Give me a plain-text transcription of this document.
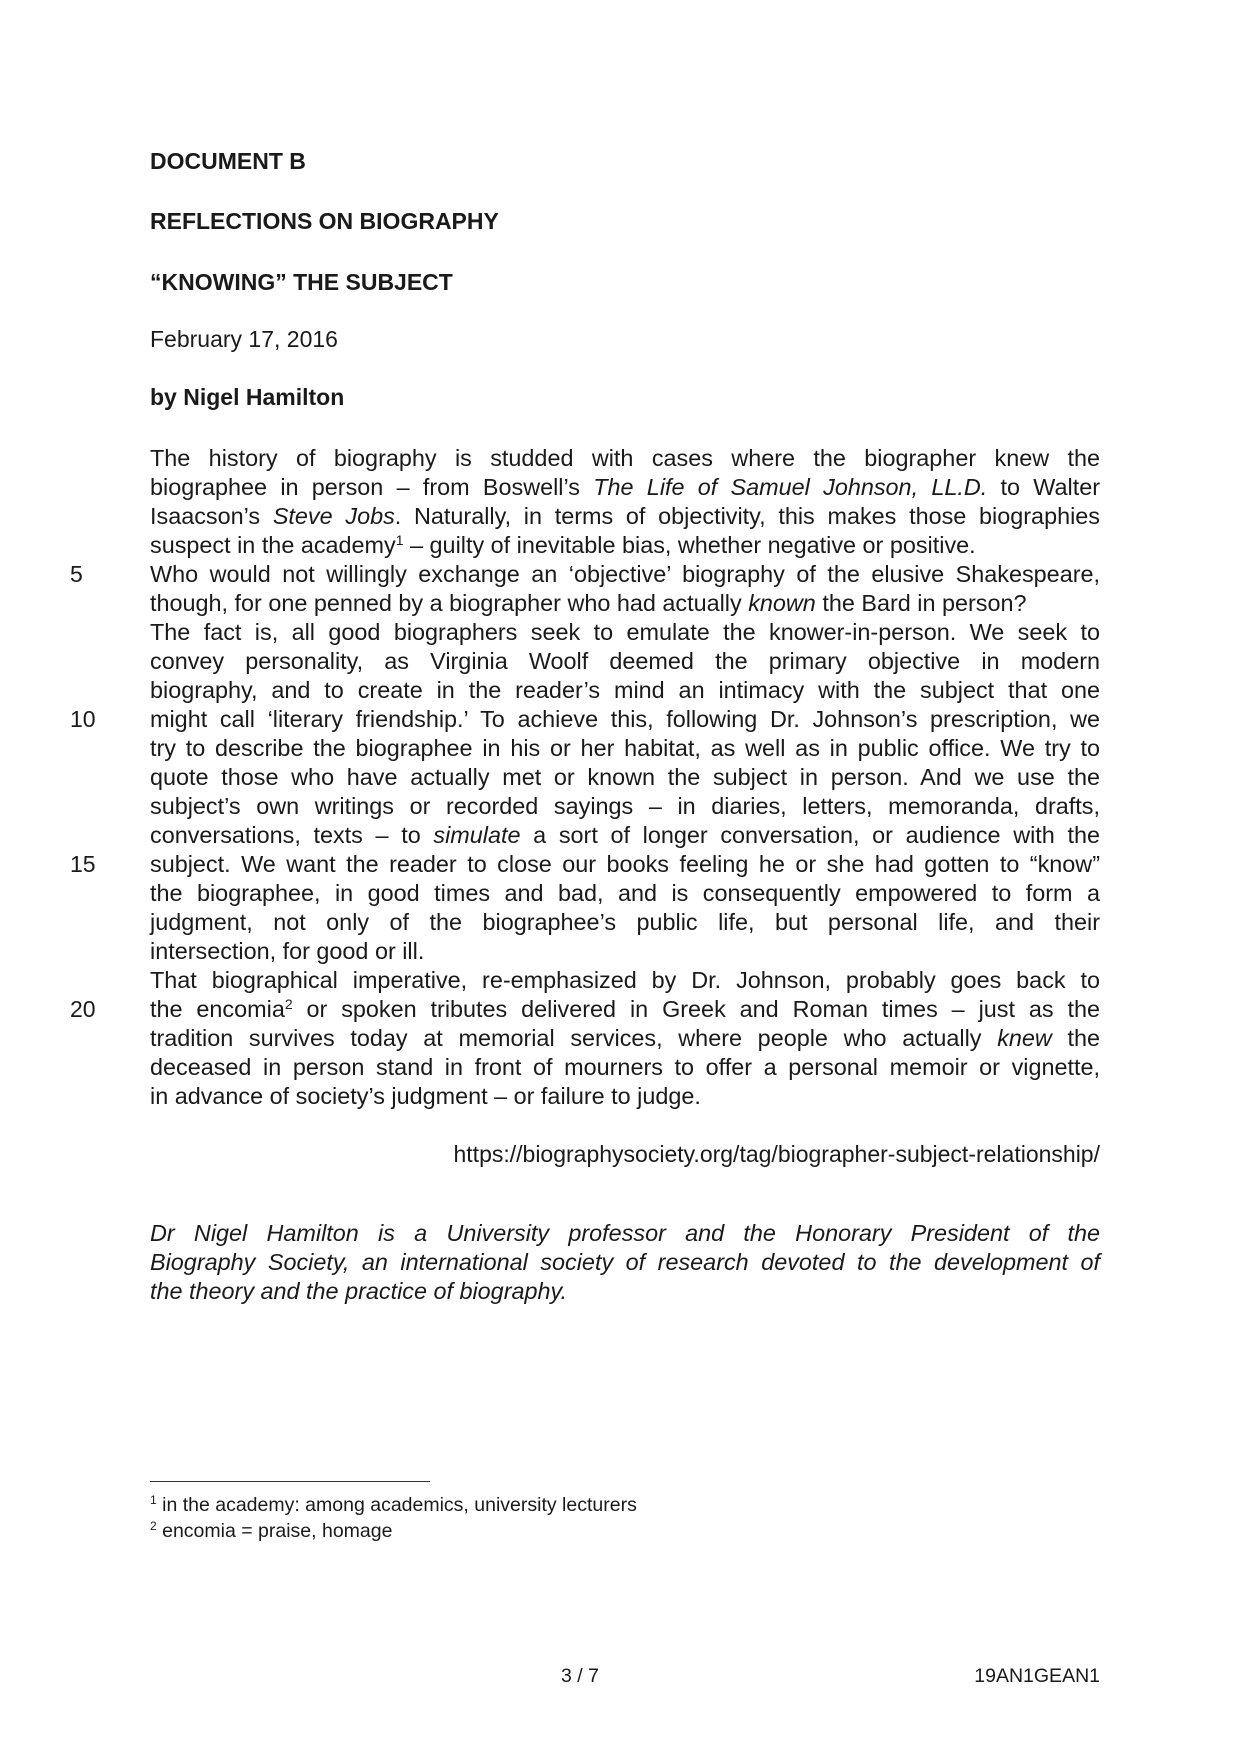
DOCUMENT B
REFLECTIONS ON BIOGRAPHY
“KNOWING” THE SUBJECT

February 17, 2016

by Nigel Hamilton

The history of biography is studded with cases where the biographer knew the
biographee in person – from Boswell’s The Life of Samuel Johnson, LL.D. to Walter
Isaacson’s Steve Jobs. Naturally, in terms of objectivity, this makes those biographies
suspect in the academy$^1$ – guilty of inevitable bias, whether negative or positive.
5	Who would not willingly exchange an ‘objective’ biography of the elusive Shakespeare,
though, for one penned by a biographer who had actually known the Bard in person?
The fact is, all good biographers seek to emulate the knower-in-person. We seek to
convey personality, as Virginia Woolf deemed the primary objective in modern
biography, and to create in the reader’s mind an intimacy with the subject that one
10	might call ‘literary friendship.’ To achieve this, following Dr. Johnson’s prescription, we
try to describe the biographee in his or her habitat, as well as in public office. We try to
quote those who have actually met or known the subject in person. And we use the
subject’s own writings or recorded sayings – in diaries, letters, memoranda, drafts,
conversations, texts – to simulate a sort of longer conversation, or audience with the
15	subject. We want the reader to close our books feeling he or she had gotten to “know”
the biographee, in good times and bad, and is consequently empowered to form a
judgment, not only of the biographee’s public life, but personal life, and their
intersection, for good or ill.
That biographical imperative, re-emphasized by Dr. Johnson, probably goes back to
20	the encomia$^2$ or spoken tributes delivered in Greek and Roman times – just as the
tradition survives today at memorial services, where people who actually knew the
deceased in person stand in front of mourners to offer a personal memoir or vignette,
in advance of society’s judgment – or failure to judge.
https://biographysociety.org/tag/biographer-subject-relationship/
Dr Nigel Hamilton is a University professor and the Honorary President of the
Biography Society, an international society of research devoted to the development of
the theory and the practice of biography.
$^1$ in the academy: among academics, university lecturers
$^2$ encomia = praise, homage
3 / 7	19AN1GEAN1
